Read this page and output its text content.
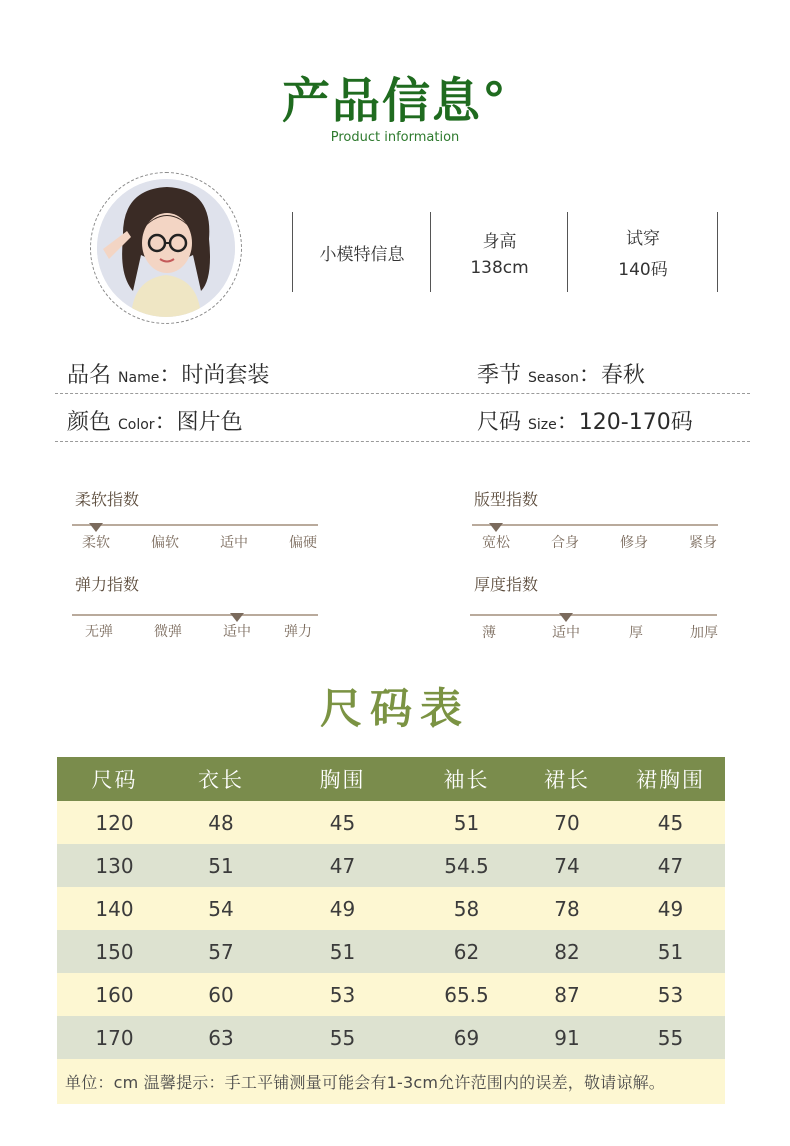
产品信息°
Product information
小模特信息
身高
138cm
试穿
140码
品名 Name：时尚套装	季节 Season：春秋
颜色 Color：图片色	尺码 Size：120-170码
柔软指数
柔软	偏软	适中	偏硬
版型指数
宽松	合身	修身	紧身
弹力指数
无弹	微弹	适中 弹力
厚度指数
薄	适中	厚	加厚
尺码表
尺码	衣长	胸围	袖长	裙长	裙胸围
120	48	45	51	70	45
130	51	47	54.5	74	47
140	54	49	58	78	49
150	57	51	62	82	51
160	60	53	65.5	87	53
170	63	55	69	91	55
单位：cm 温馨提示：手工平铺测量可能会有1-3cm允许范围内的误差，敬请谅解。
